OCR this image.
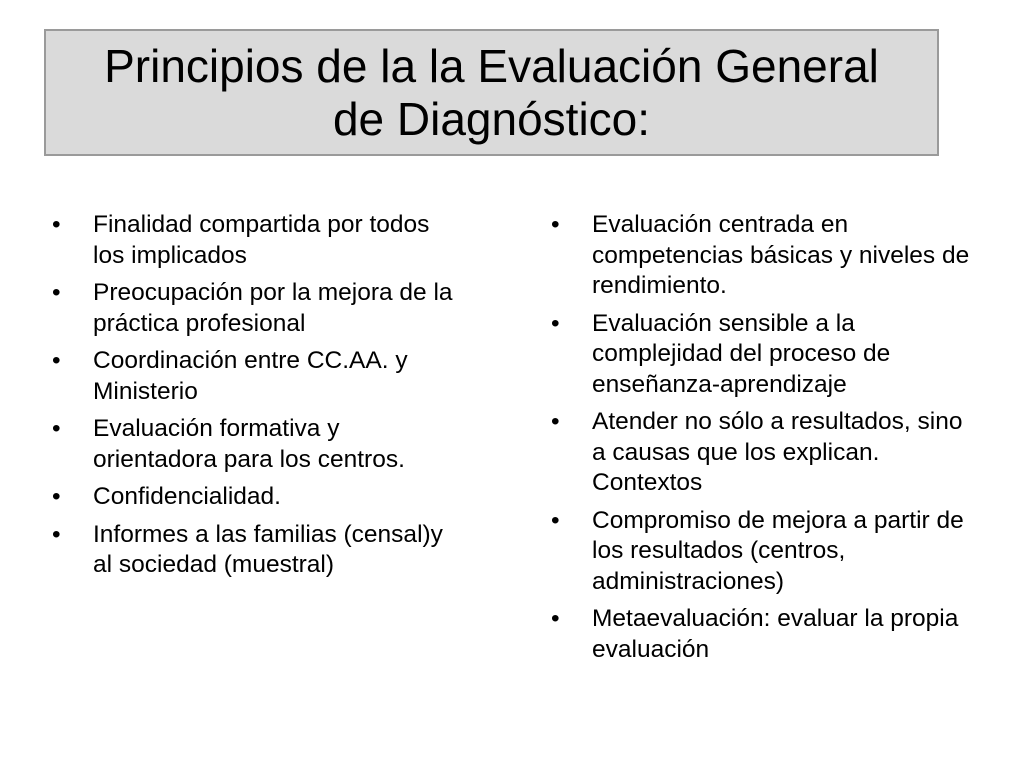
Principios de la la Evaluación General
de Diagnóstico:
•	Finalidad compartida por todos los implicados
•	Preocupación por la mejora de la práctica profesional
•	Coordinación entre CC.AA. y Ministerio
•	Evaluación formativa y orientadora para los centros.
•	Confidencialidad.
•	Informes a las familias (censal)y al sociedad (muestral)
•	Evaluación centrada en competencias básicas y niveles de rendimiento.
•	Evaluación sensible a la complejidad del proceso de enseñanza-aprendizaje
•	Atender no sólo a resultados, sino a causas que los explican. Contextos
•	Compromiso de mejora a partir de los resultados (centros, administraciones)
•	Metaevaluación: evaluar la propia evaluación
